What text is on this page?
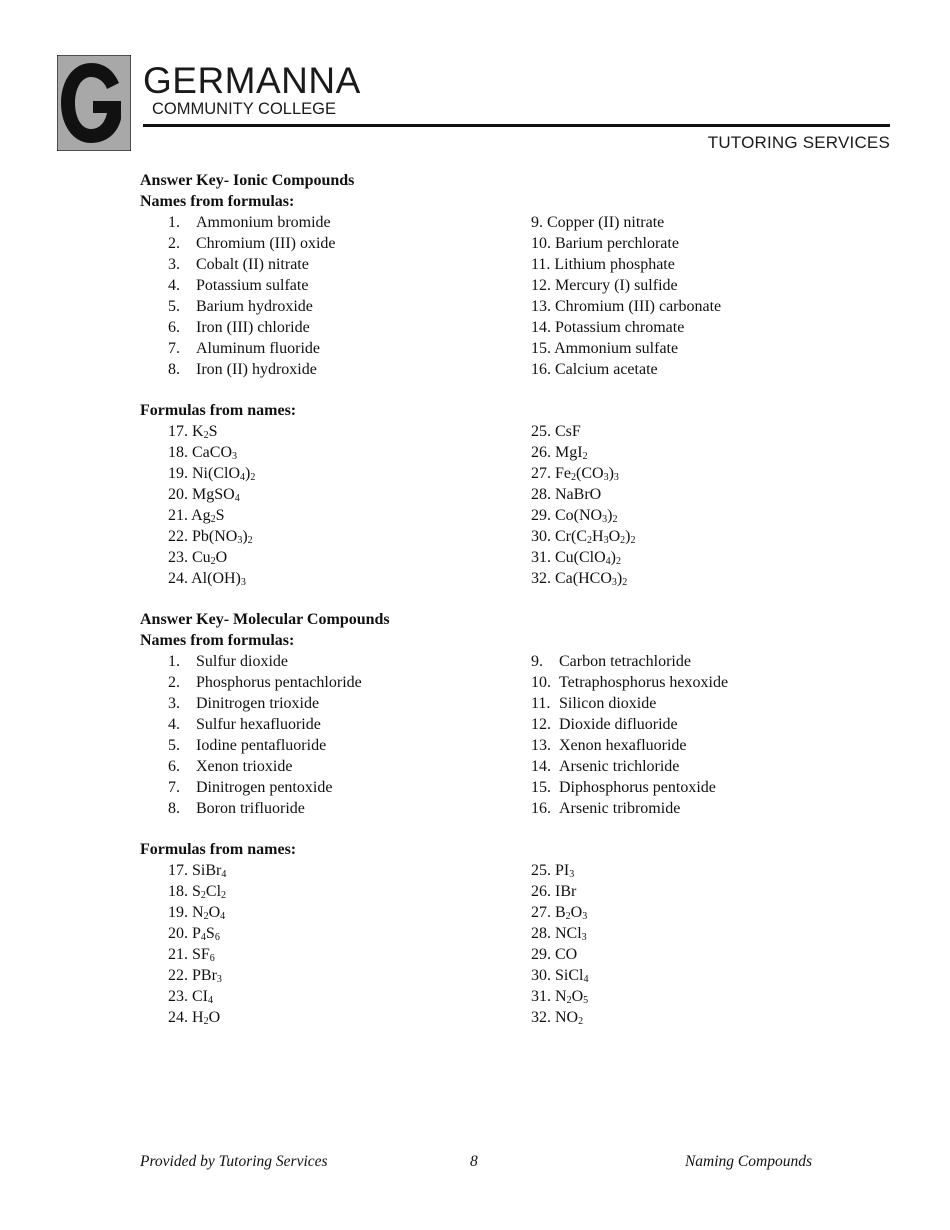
G
GERMANNA
COMMUNITY COLLEGE
TUTORING SERVICES
Answer Key- Ionic Compounds
Names from formulas:
1. Ammonium bromide
2. Chromium (III) oxide
3. Cobalt (II) nitrate
4. Potassium sulfate
5. Barium hydroxide
6. Iron (III) chloride
7. Aluminum fluoride
8. Iron (II) hydroxide
9. Copper (II) nitrate
10. Barium perchlorate
11. Lithium phosphate
12. Mercury (I) sulfide
13. Chromium (III) carbonate
14. Potassium chromate
15. Ammonium sulfate
16. Calcium acetate
Formulas from names:
17. $K_2S$
18. CaCO$_3$
19. $Ni(ClO_4)_2$
20. MgSO$_4$
21. $Ag_2S$
22. $Pb(NO_3)_2$
23. $Cu_2O$
24. $Al(OH)_3$
25. CsF
26. MgI$_2$
27. $Fe_2(CO_3)_3$
28. NaBrO
29. $Co(NO_3)_2$
30. $Cr(C_2H_3O_2)_2$
31. $Cu(ClO_4)_2$
32. $Ca(HCO_3)_2$
Answer Key- Molecular Compounds
Names from formulas:
1. Sulfur dioxide
2. Phosphorus pentachloride
3. Dinitrogen trioxide
4. Sulfur hexafluoride
5. Iodine pentafluoride
6. Xenon trioxide
7. Dinitrogen pentoxide
8. Boron trifluoride
9. Carbon tetrachloride
10. Tetraphosphorus hexoxide
11. Silicon dioxide
12. Dioxide difluoride
13. Xenon hexafluoride
14. Arsenic trichloride
15. Diphosphorus pentoxide
16. Arsenic tribromide
Formulas from names:
17. SiBr$_4$
18. $S_2Cl_2$
19. $N_2O_4$
20. $P_4S_6$
21. $SF_6$
22. PBr$_3$
23. $CI_4$
24. $H_2O$
25. $PI_3$
26. IBr
27. $B_2O_3$
28. NCl$_3$
29. CO
30. SiCl$_4$
31. $N_2O_5$
32. $NO_2$
Provided by Tutoring Services	8	Naming Compounds
